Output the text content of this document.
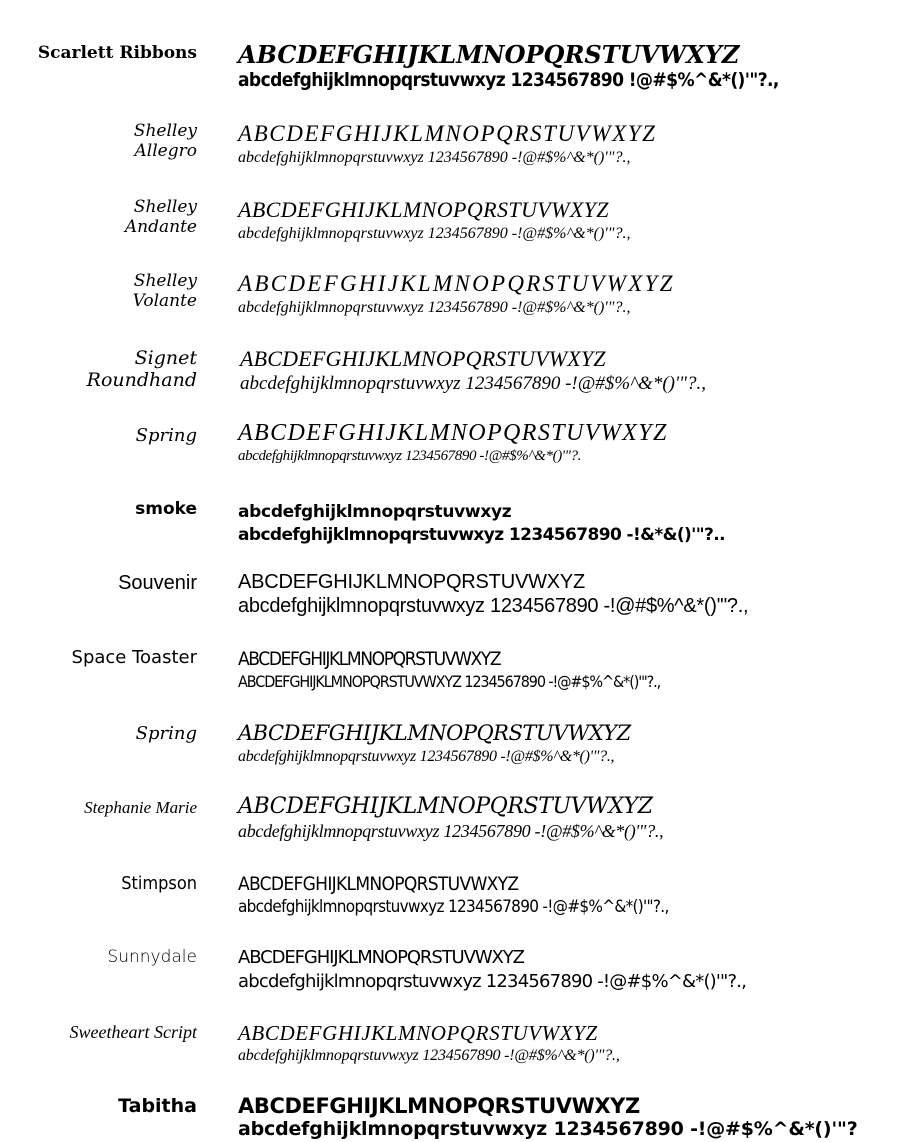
Scarlett Ribbons ABCDEFGHIJKLMNOPQRSTUVWXYZ
abcdefghijklmnopqrstuvwxyz 1234567890 !@#$%^&*()'"?.,
Shelley
Allegro
ABCDEFGHIJKLMNOPQRSTUVWXYZ
abcdefghijklmnopqrstuvwxyz 1234567890 -!@#$%^&*()'"?.,
Shelley
Andante
ABCDEFGHIJKLMNOPQRSTUVWXYZ
abcdefghijklmnopqrstuvwxyz 1234567890 -!@#$%^&*()'"?.,
Shelley
Volante
ABCDEFGHIJKLMNOPQRSTUVWXYZ
abcdefghijklmnopqrstuvwxyz 1234567890 -!@#$%^&*()'"?.,
Signet
Roundhand
ABCDEFGHIJKLMNOPQRSTUVWXYZ
abcdefghijklmnopqrstuvwxyz 1234567890 -!@#$%^&*()'"?.,
Spring ABCDEFGHIJKLMNOPQRSTUVWXYZ
abcdefghijklmnopqrstuvwxyz 1234567890 -!@#$%^&*()'"?.
smoke abcdefghijklmnopqrstuvwxyz
abcdefghijklmnopqrstuvwxyz 1234567890 -!&*&()'"?..
Souvenir ABCDEFGHIJKLMNOPQRSTUVWXYZ
abcdefghijklmnopqrstuvwxyz 1234567890 -!@#$%^&*()'"?.,
Space Toaster ABCDEFGHIJKLMNOPQRSTUVWXYZ
ABCDEFGHIJKLMNOPQRSTUVWXYZ 1234567890 -!@#$%^&*()'"?.,
Spring ABCDEFGHIJKLMNOPQRSTUVWXYZ
abcdefghijklmnopqrstuvwxyz 1234567890 -!@#$%^&*()'"?.,
Stephanie Marie ABCDEFGHIJKLMNOPQRSTUVWXYZ
abcdefghijklmnopqrstuvwxyz 1234567890 -!@#$%^&*()'"?.,
Stimpson ABCDEFGHIJKLMNOPQRSTUVWXYZ
abcdefghijklmnopqrstuvwxyz 1234567890 -!@#$%^&*()'"?.,
Sunnydale ABCDEFGHIJKLMNOPQRSTUVWXYZ
abcdefghijklmnopqrstuvwxyz 1234567890 -!@#$%^&*()'"?.,
Sweetheart Script ABCDEFGHIJKLMNOPQRSTUVWXYZ
abcdefghijklmnopqrstuvwxyz 1234567890 -!@#$%^&*()'"?.,
Tabitha ABCDEFGHIJKLMNOPQRSTUVWXYZ
abcdefghijklmnopqrstuvwxyz 1234567890 -!@#$%^&*()'"?
